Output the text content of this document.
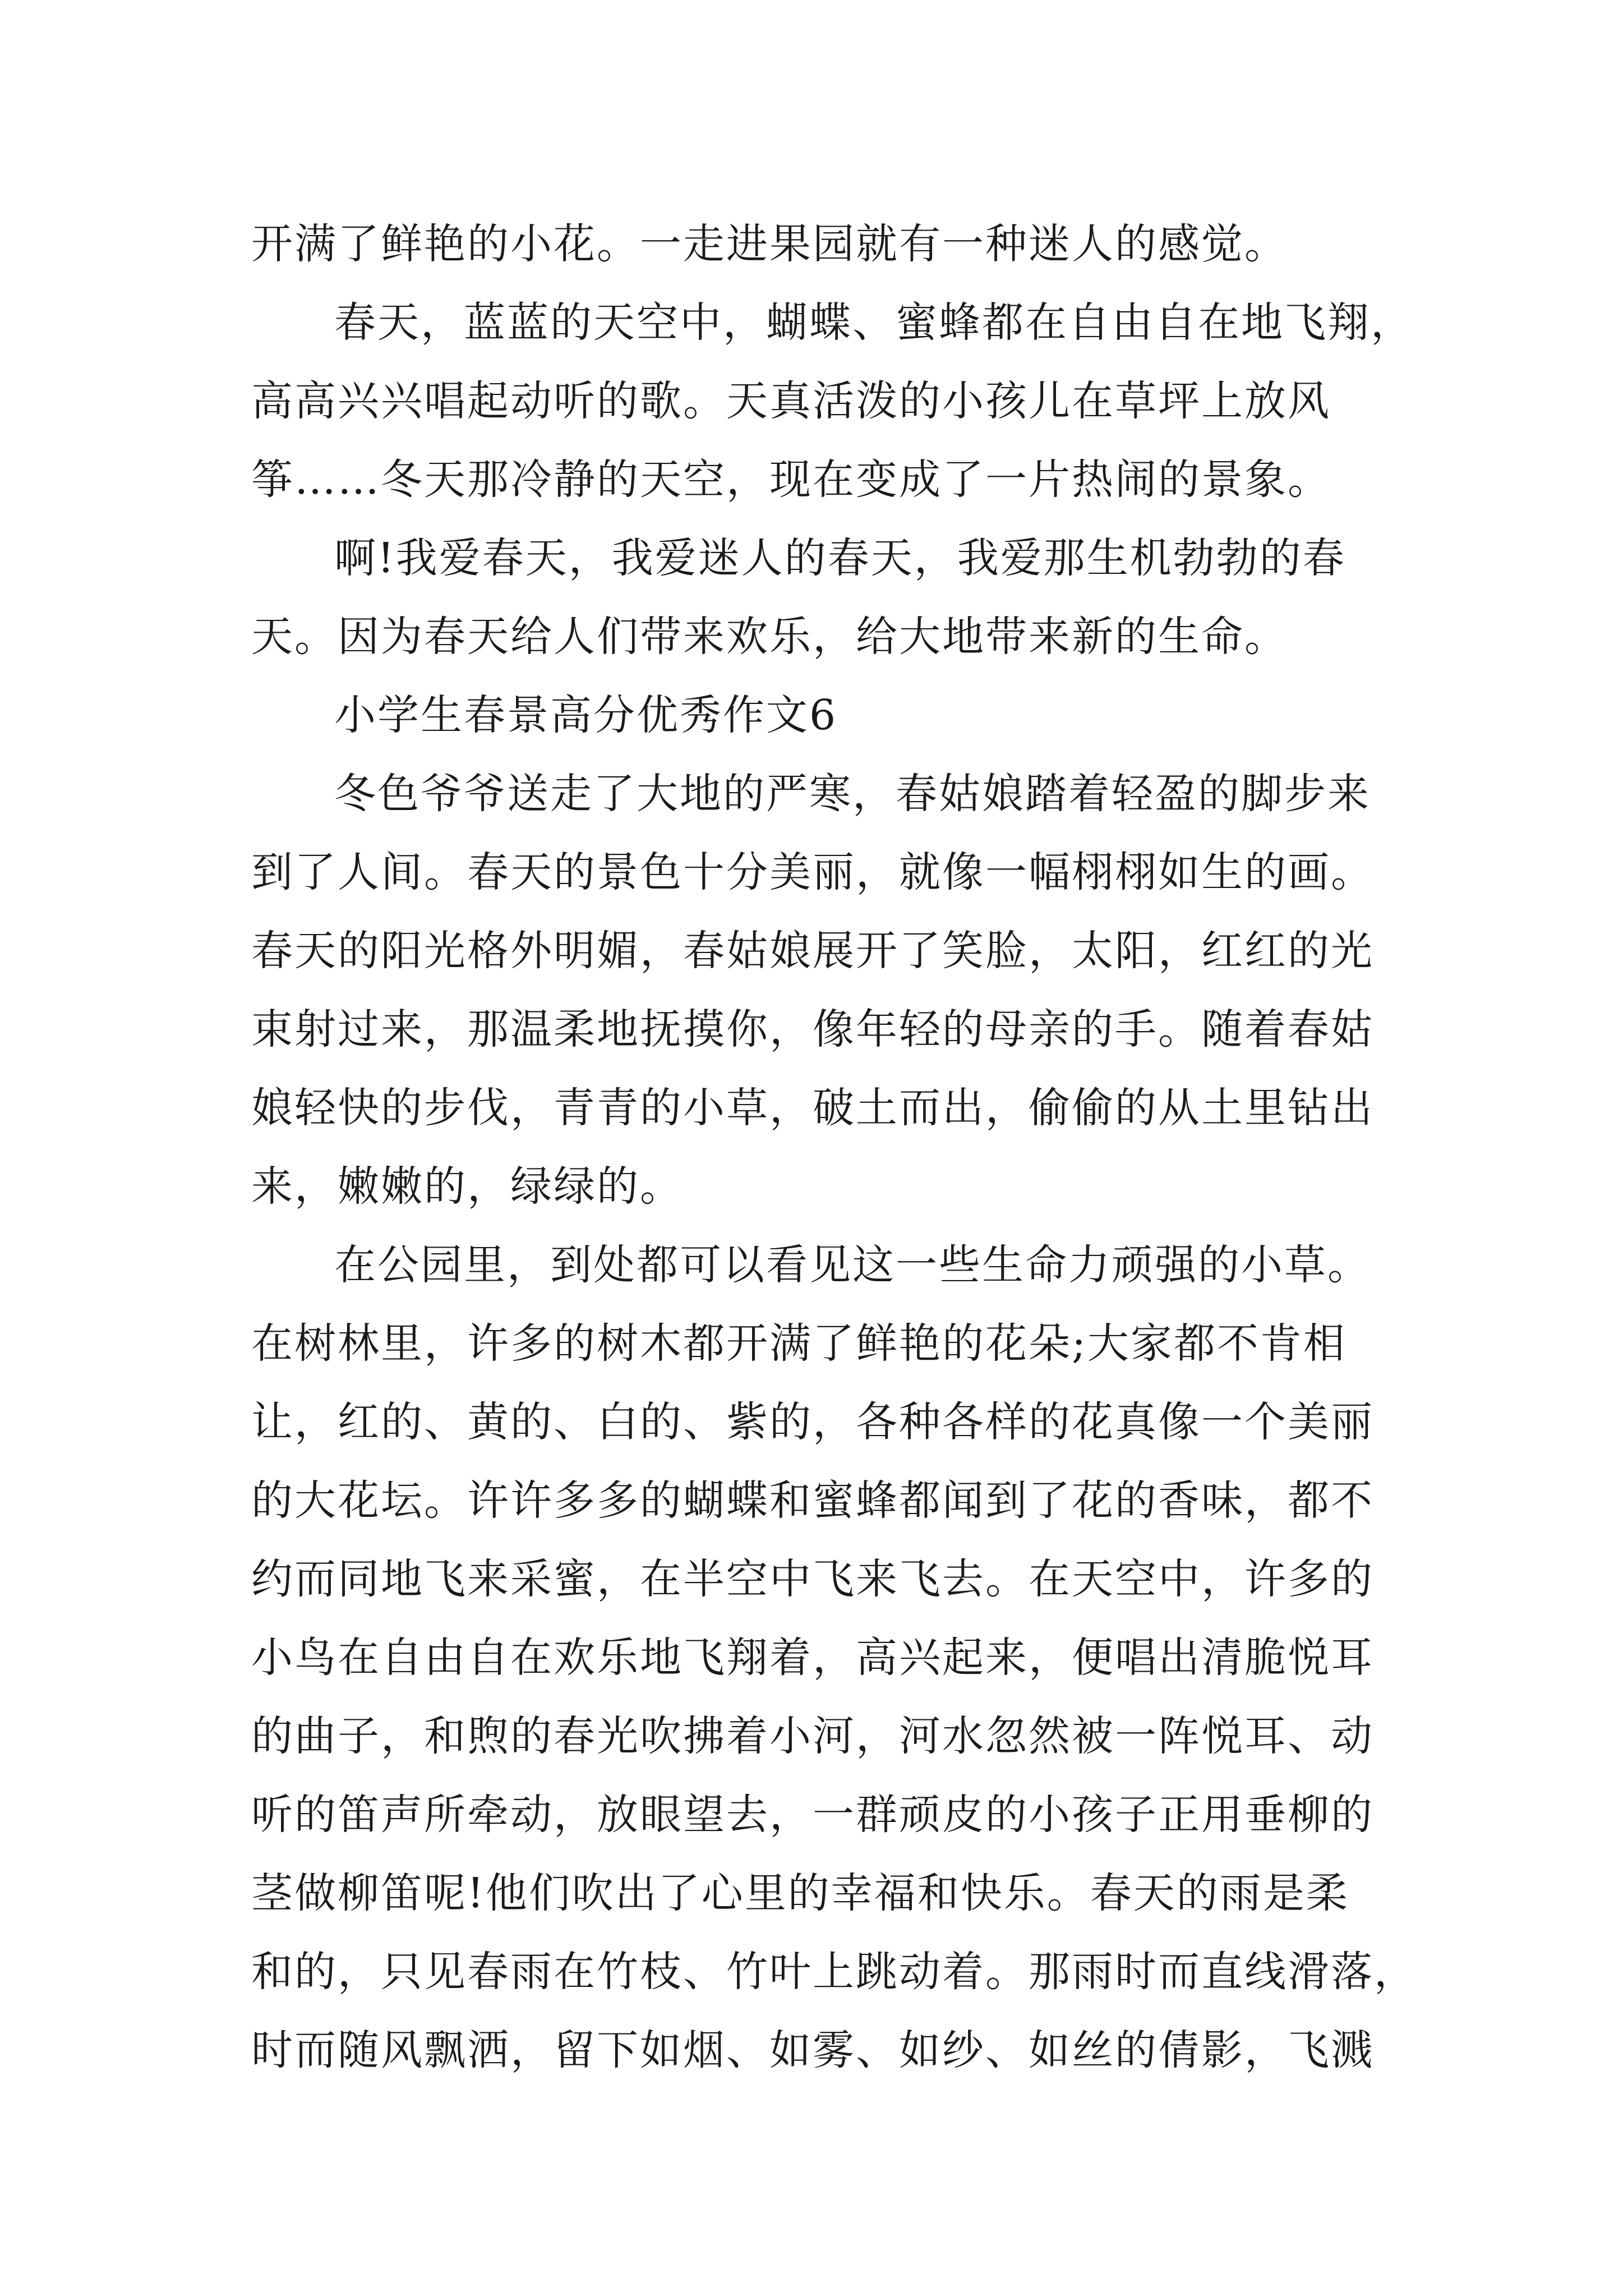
开满了鲜艳的小花。一走进果园就有一种迷人的感觉。
春天，蓝蓝的天空中，蝴蝶、蜜蜂都在自由自在地飞翔，
高高兴兴唱起动听的歌。天真活泼的小孩儿在草坪上放风
筝……冬天那冷静的天空，现在变成了一片热闹的景象。
啊!我爱春天，我爱迷人的春天，我爱那生机勃勃的春
天。因为春天给人们带来欢乐，给大地带来新的生命。
小学生春景高分优秀作文6
冬色爷爷送走了大地的严寒，春姑娘踏着轻盈的脚步来
到了人间。春天的景色十分美丽，就像一幅栩栩如生的画。
春天的阳光格外明媚，春姑娘展开了笑脸，太阳，红红的光
束射过来，那温柔地抚摸你，像年轻的母亲的手。随着春姑
娘轻快的步伐，青青的小草，破土而出，偷偷的从土里钻出
来，嫩嫩的，绿绿的。
在公园里，到处都可以看见这一些生命力顽强的小草。
在树林里，许多的树木都开满了鲜艳的花朵;大家都不肯相
让，红的、黄的、白的、紫的，各种各样的花真像一个美丽
的大花坛。许许多多的蝴蝶和蜜蜂都闻到了花的香味，都不
约而同地飞来采蜜，在半空中飞来飞去。在天空中，许多的
小鸟在自由自在欢乐地飞翔着，高兴起来，便唱出清脆悦耳
的曲子，和煦的春光吹拂着小河，河水忽然被一阵悦耳、动
听的笛声所牵动，放眼望去，一群顽皮的小孩子正用垂柳的
茎做柳笛呢!他们吹出了心里的幸福和快乐。春天的雨是柔
和的，只见春雨在竹枝、竹叶上跳动着。那雨时而直线滑落，
时而随风飘洒，留下如烟、如雾、如纱、如丝的倩影，飞溅
